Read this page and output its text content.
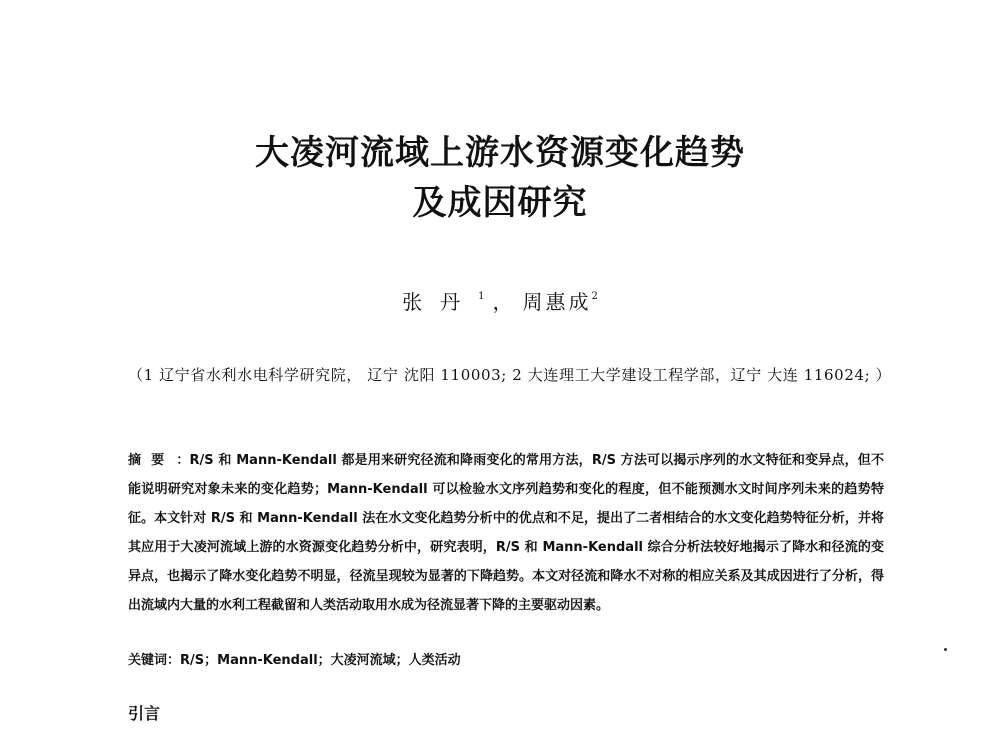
大凌河流域上游水资源变化趋势
及成因研究
张丹$^1$ ， 周惠成$^2$
（1 辽宁省水利水电科学研究院， 辽宁 沈阳 110003; 2 大连理工大学建设工程学部，辽宁 大连 116024; ）
摘要 ：R/S 和 Mann-Kendall 都是用来研究径流和降雨变化的常用方法，R/S 方法可以揭示序列的水文特征和变异点，但不能说明研究对象未来的变化趋势；Mann-Kendall 可以检验水文序列趋势和变化的程度，但不能预测水文时间序列未来的趋势特征。本文针对 R/S 和 Mann-Kendall 法在水文变化趋势分析中的优点和不足，提出了二者相结合的水文变化趋势特征分析，并将其应用于大凌河流域上游的水资源变化趋势分析中，研究表明，R/S 和 Mann-Kendall 综合分析法较好地揭示了降水和径流的变异点，也揭示了降水变化趋势不明显，径流呈现较为显著的下降趋势。本文对径流和降水不对称的相应关系及其成因进行了分析，得出流域内大量的水利工程截留和人类活动取用水成为径流显著下降的主要驱动因素。
关键词：R/S；Mann-Kendall；大凌河流域；人类活动
引言
